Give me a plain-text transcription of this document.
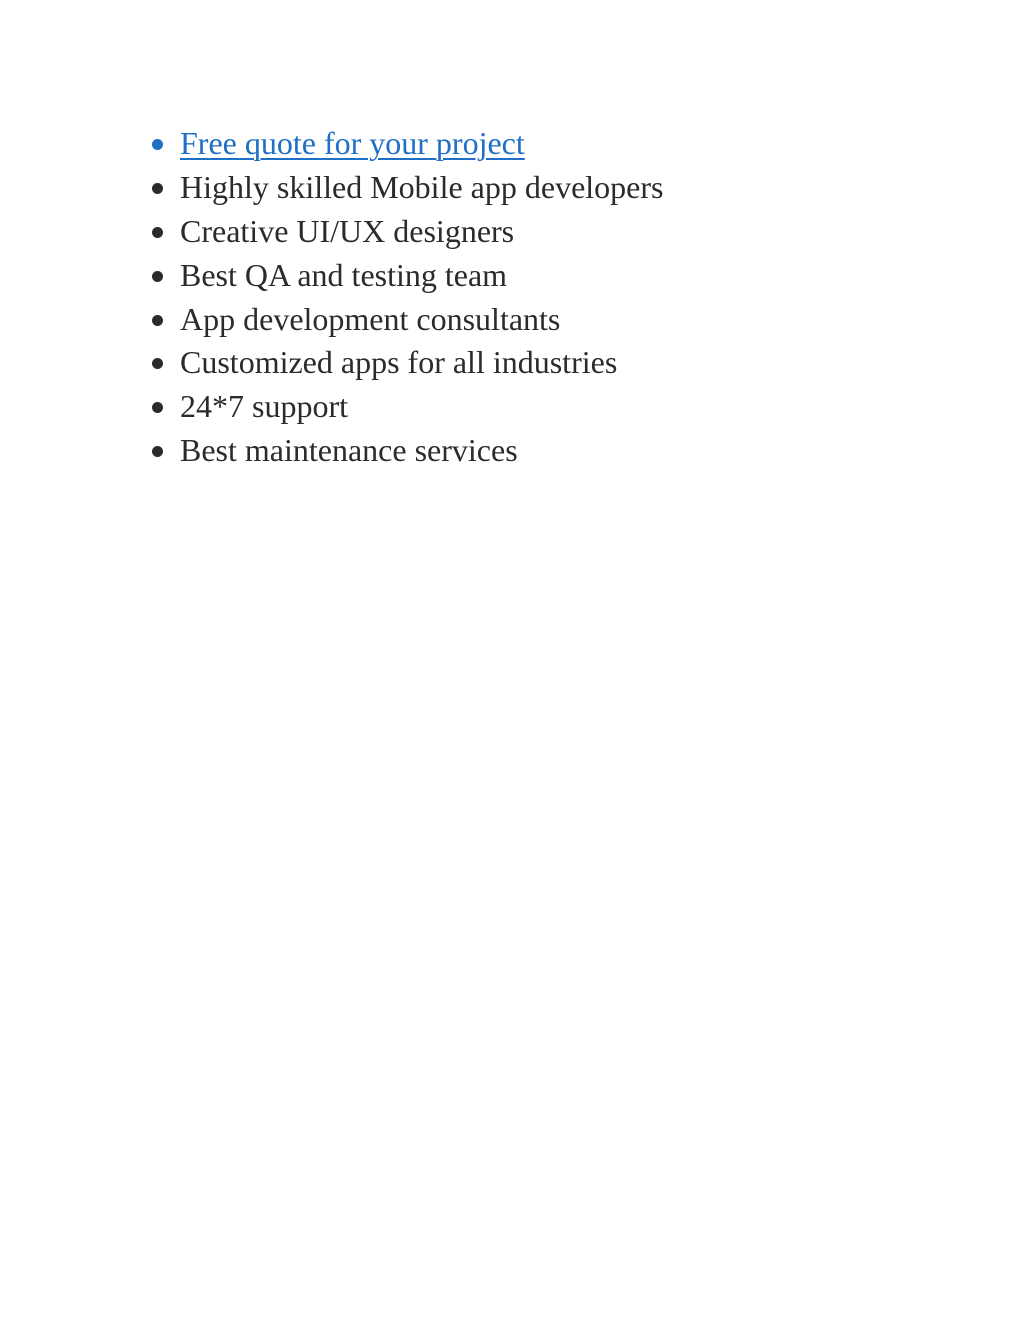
Free quote for your project
Highly skilled Mobile app developers
Creative UI/UX designers
Best QA and testing team
App development consultants
Customized apps for all industries
24*7 support
Best maintenance services
